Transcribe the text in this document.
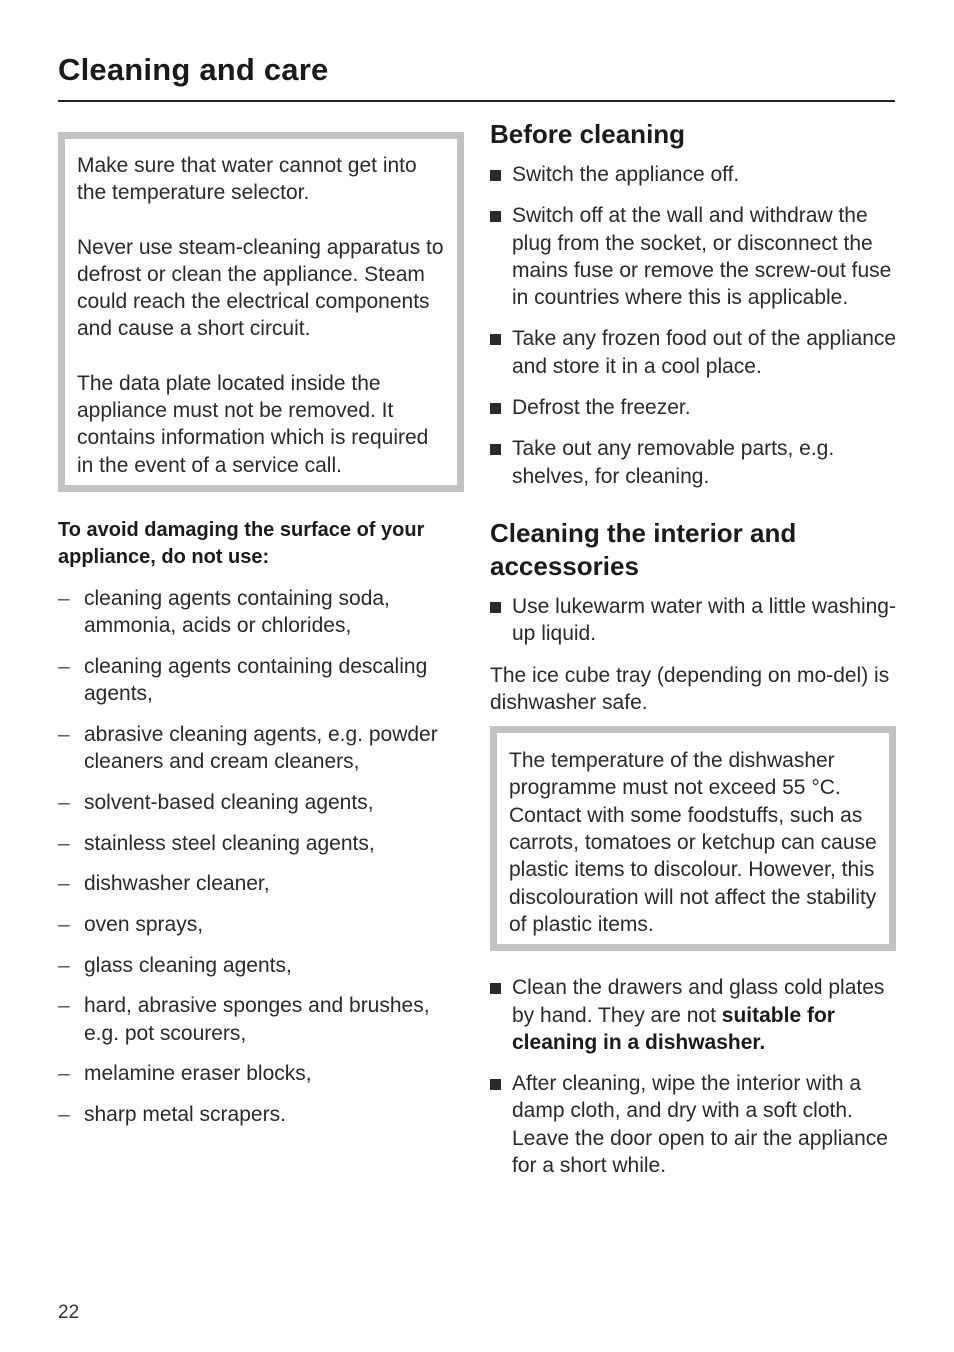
Cleaning and care

Make sure that water cannot get into the temperature selector.

Never use steam-cleaning apparatus to defrost or clean the appliance. Steam could reach the electrical components and cause a short circuit.

The data plate located inside the appliance must not be removed. It contains information which is required in the event of a service call.

To avoid damaging the surface of your appliance, do not use:

– cleaning agents containing soda, ammonia, acids or chlorides,
– cleaning agents containing descaling agents,
– abrasive cleaning agents, e.g. powder cleaners and cream cleaners,
– solvent-based cleaning agents,
– stainless steel cleaning agents,
– dishwasher cleaner,
– oven sprays,
– glass cleaning agents,
– hard, abrasive sponges and brushes, e.g. pot scourers,
– melamine eraser blocks,
– sharp metal scrapers.
Before cleaning
Switch the appliance off.
Switch off at the wall and withdraw the plug from the socket, or disconnect the mains fuse or remove the screw-out fuse in countries where this is applicable.
Take any frozen food out of the appliance and store it in a cool place.
Defrost the freezer.
Take out any removable parts, e.g. shelves, for cleaning.
Cleaning the interior and accessories
Use lukewarm water with a little washing-up liquid.

The ice cube tray (depending on mo-del) is dishwasher safe.

The temperature of the dishwasher programme must not exceed 55 °C. Contact with some foodstuffs, such as carrots, tomatoes or ketchup can cause plastic items to discolour. However, this discolouration will not affect the stability of plastic items.

Clean the drawers and glass cold plates by hand. They are not suitable for cleaning in a dishwasher.
After cleaning, wipe the interior with a damp cloth, and dry with a soft cloth. Leave the door open to air the appliance for a short while.
22
